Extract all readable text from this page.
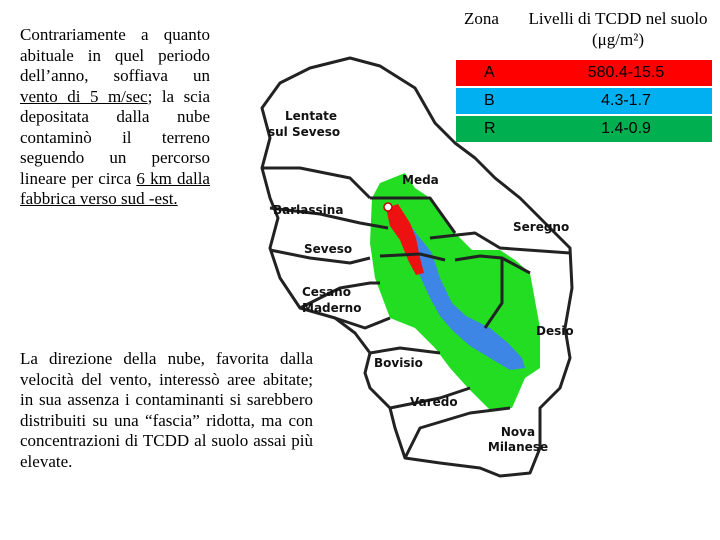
Contrariamente a quanto abituale in quel periodo dell’anno, soffiava un vento di 5 m/sec; la scia depositata dalla nube contaminò il terreno seguendo un percorso lineare per circa 6 km dalla fabbrica verso sud -est.
La direzione della nube, favorita dalla velocità del vento, interessò aree abitate; in sua assenza i contaminanti si sarebbero distribuiti su una “fascia” ridotta, ma con concentrazioni di TCDD al suolo assai più elevate.
Zona Livelli di TCDD nel suolo (μg/m²)
A	580.4-15.5
B	4.3-1.7
R	1.4-0.9
Lentate
sul Seveso
Meda
Barlassina
Seregno
Seveso
Cesano
Maderno
Desio
Bovisio
Varedo
Nova
Milanese
